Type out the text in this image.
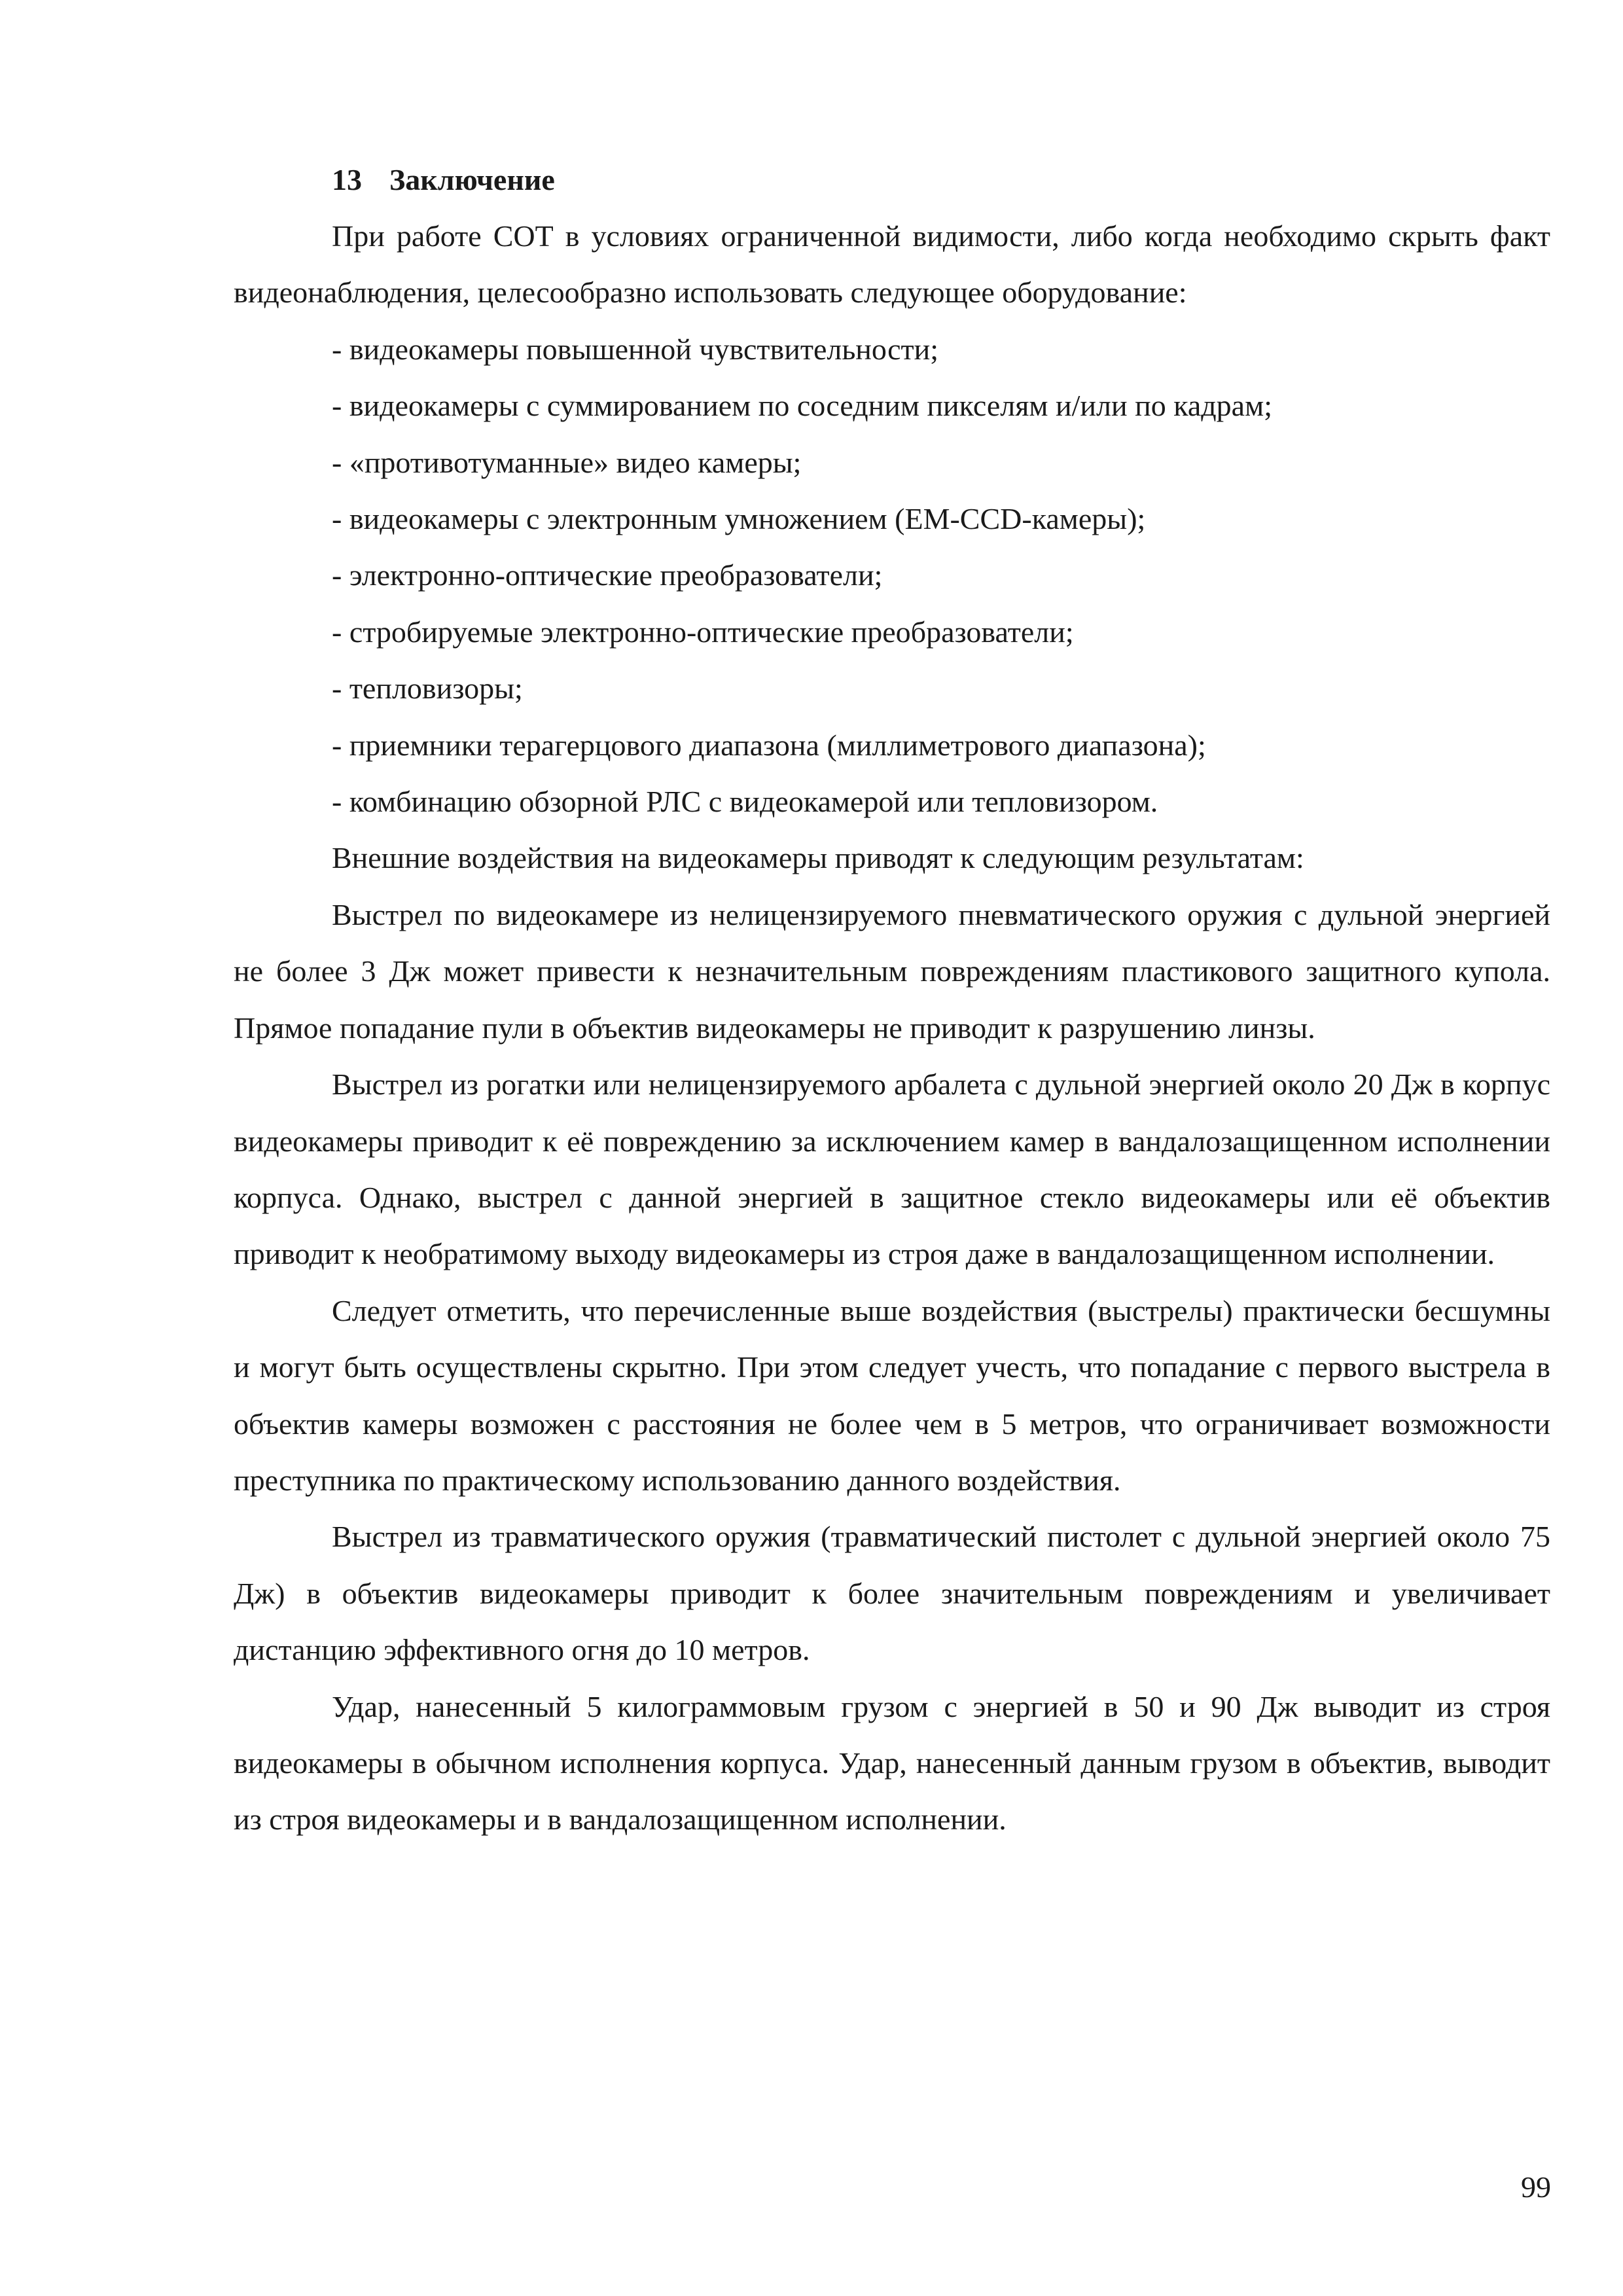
13 Заключение

При работе СОТ в условиях ограниченной видимости, либо когда необходимо скрыть факт видеонаблюдения, целесообразно использовать следующее оборудование:

- видеокамеры повышенной чувствительности;

- видеокамеры с суммированием по соседним пикселям и/или по кадрам;

- «противотуманные» видео камеры;

- видеокамеры с электронным умножением (EM-CCD-камеры);

- электронно-оптические преобразователи;

- стробируемые электронно-оптические преобразователи;

- тепловизоры;

- приемники терагерцового диапазона (миллиметрового диапазона);

- комбинацию обзорной РЛС с видеокамерой или тепловизором.

Внешние воздействия на видеокамеры приводят к следующим результатам:

Выстрел по видеокамере из нелицензируемого пневматического оружия с дульной энергией не более 3 Дж может привести к незначительным повреждениям пластикового защитного купола. Прямое попадание пули в объектив видеокамеры не приводит к разрушению линзы.

Выстрел из рогатки или нелицензируемого арбалета с дульной энергией около 20 Дж в корпус видеокамеры приводит к её повреждению за исключением камер в вандалозащищенном исполнении корпуса. Однако, выстрел с данной энергией в защитное стекло видеокамеры или её объектив приводит к необратимому выходу видеокамеры из строя даже в вандалозащищенном исполнении.

Следует отметить, что перечисленные выше воздействия (выстрелы) практически бесшумны и могут быть осуществлены скрытно. При этом следует учесть, что попадание с первого выстрела в объектив камеры возможен с расстояния не более чем в 5 метров, что ограничивает возможности преступника по практическому использованию данного воздействия.

Выстрел из травматического оружия (травматический пистолет с дульной энергией около 75 Дж) в объектив видеокамеры приводит к более значительным повреждениям и увеличивает дистанцию эффективного огня до 10 метров.

Удар, нанесенный 5 килограммовым грузом с энергией в 50 и 90 Дж выводит из строя видеокамеры в обычном исполнения корпуса. Удар, нанесенный данным грузом в объектив, выводит из строя видеокамеры и в вандалозащищенном исполнении.

99
